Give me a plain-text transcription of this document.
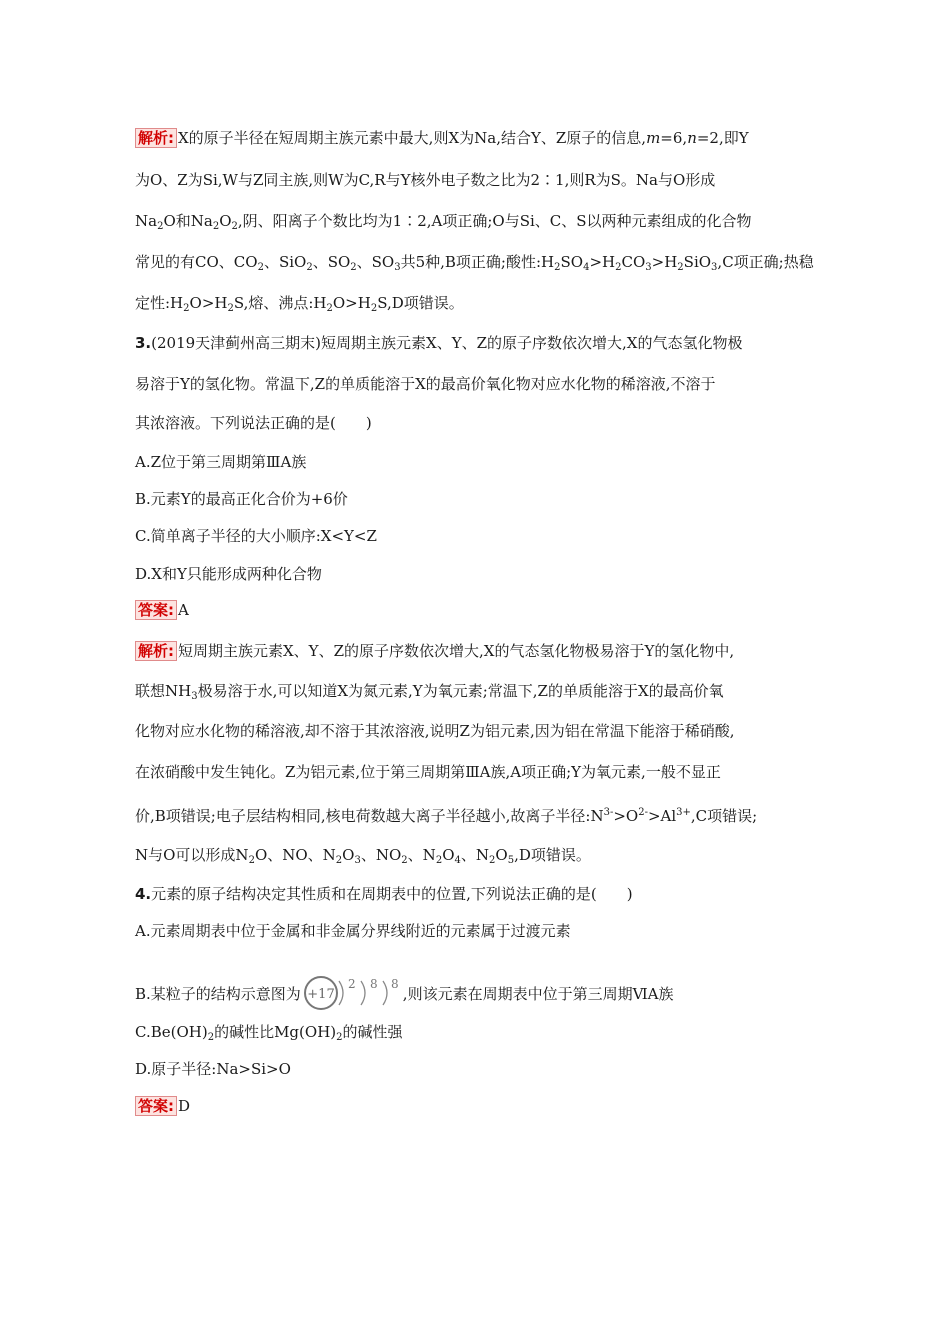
解析: X的原子半径在短周期主族元素中最大,则X为Na,结合Y、Z原子的信息,m=6,n=2,即Y
为O、Z为Si,W与Z同主族,则W为C,R与Y核外电子数之比为2∶1,则R为S。Na与O形成
$Na_2O$和$Na_2O_2$,阴、阳离子个数比均为1∶2,A项正确;O与Si、C、S以两种元素组成的化合物
常见的有CO、$CO_2$、SiO$_2$、$SO_2$、$SO_3$共5种,B项正确;酸性$:H_2SO_4>H_2CO_3>H_2SiO_3,C$项正确;热稳
定性$:H_2O>H_2S$,熔、沸点$:H_2O>H_2S,D$项错误。
3.(2019天津蓟州高三期末)短周期主族元素X、Y、Z的原子序数依次增大,X的气态氢化物极
易溶于Y的氢化物。常温下,Z的单质能溶于X的最高价氧化物对应水化物的稀溶液,不溶于
其浓溶液。下列说法正确的是(　　)
A.Z位于第三周期第ⅢA族
B.元素Y的最高正化合价为+6价
C.简单离子半径的大小顺序:X<Y<Z
D.X和Y只能形成两种化合物
答案: A
解析: 短周期主族元素X、Y、Z的原子序数依次增大,X的气态氢化物极易溶于Y的氢化物中,
联想$NH_3$极易溶于水,可以知道X为氮元素,Y为氧元素;常温下,Z的单质能溶于X的最高价氧
化物对应水化物的稀溶液,却不溶于其浓溶液,说明Z为铝元素,因为铝在常温下能溶于稀硝酸,
在浓硝酸中发生钝化。Z为铝元素,位于第三周期第ⅢA族,A项正确;Y为氧元素,一般不显正
价,B项错误;电子层结构相同,核电荷数越大离子半径越小,故离子半径$:N^{3-}>O^{2-}>Al^{3+},C$项错误;
N与O可以形成$N_2O$、NO、$N_2O_3$、$NO_2$、$N_2O_4$、$N_2O_5,D$项错误。
4.元素的原子结构决定其性质和在周期表中的位置,下列说法正确的是(　　)
A.元素周期表中位于金属和非金属分界线附近的元素属于过渡元素
B.某粒子的结构示意图为 +17
2 8 8
,则该元素在周期表中位于第三周期ⅥA族
$C.Be(OH)_2$的碱性比$Mg(OH)_2$的碱性强
D.原子半径:Na>Si>O
答案: D
